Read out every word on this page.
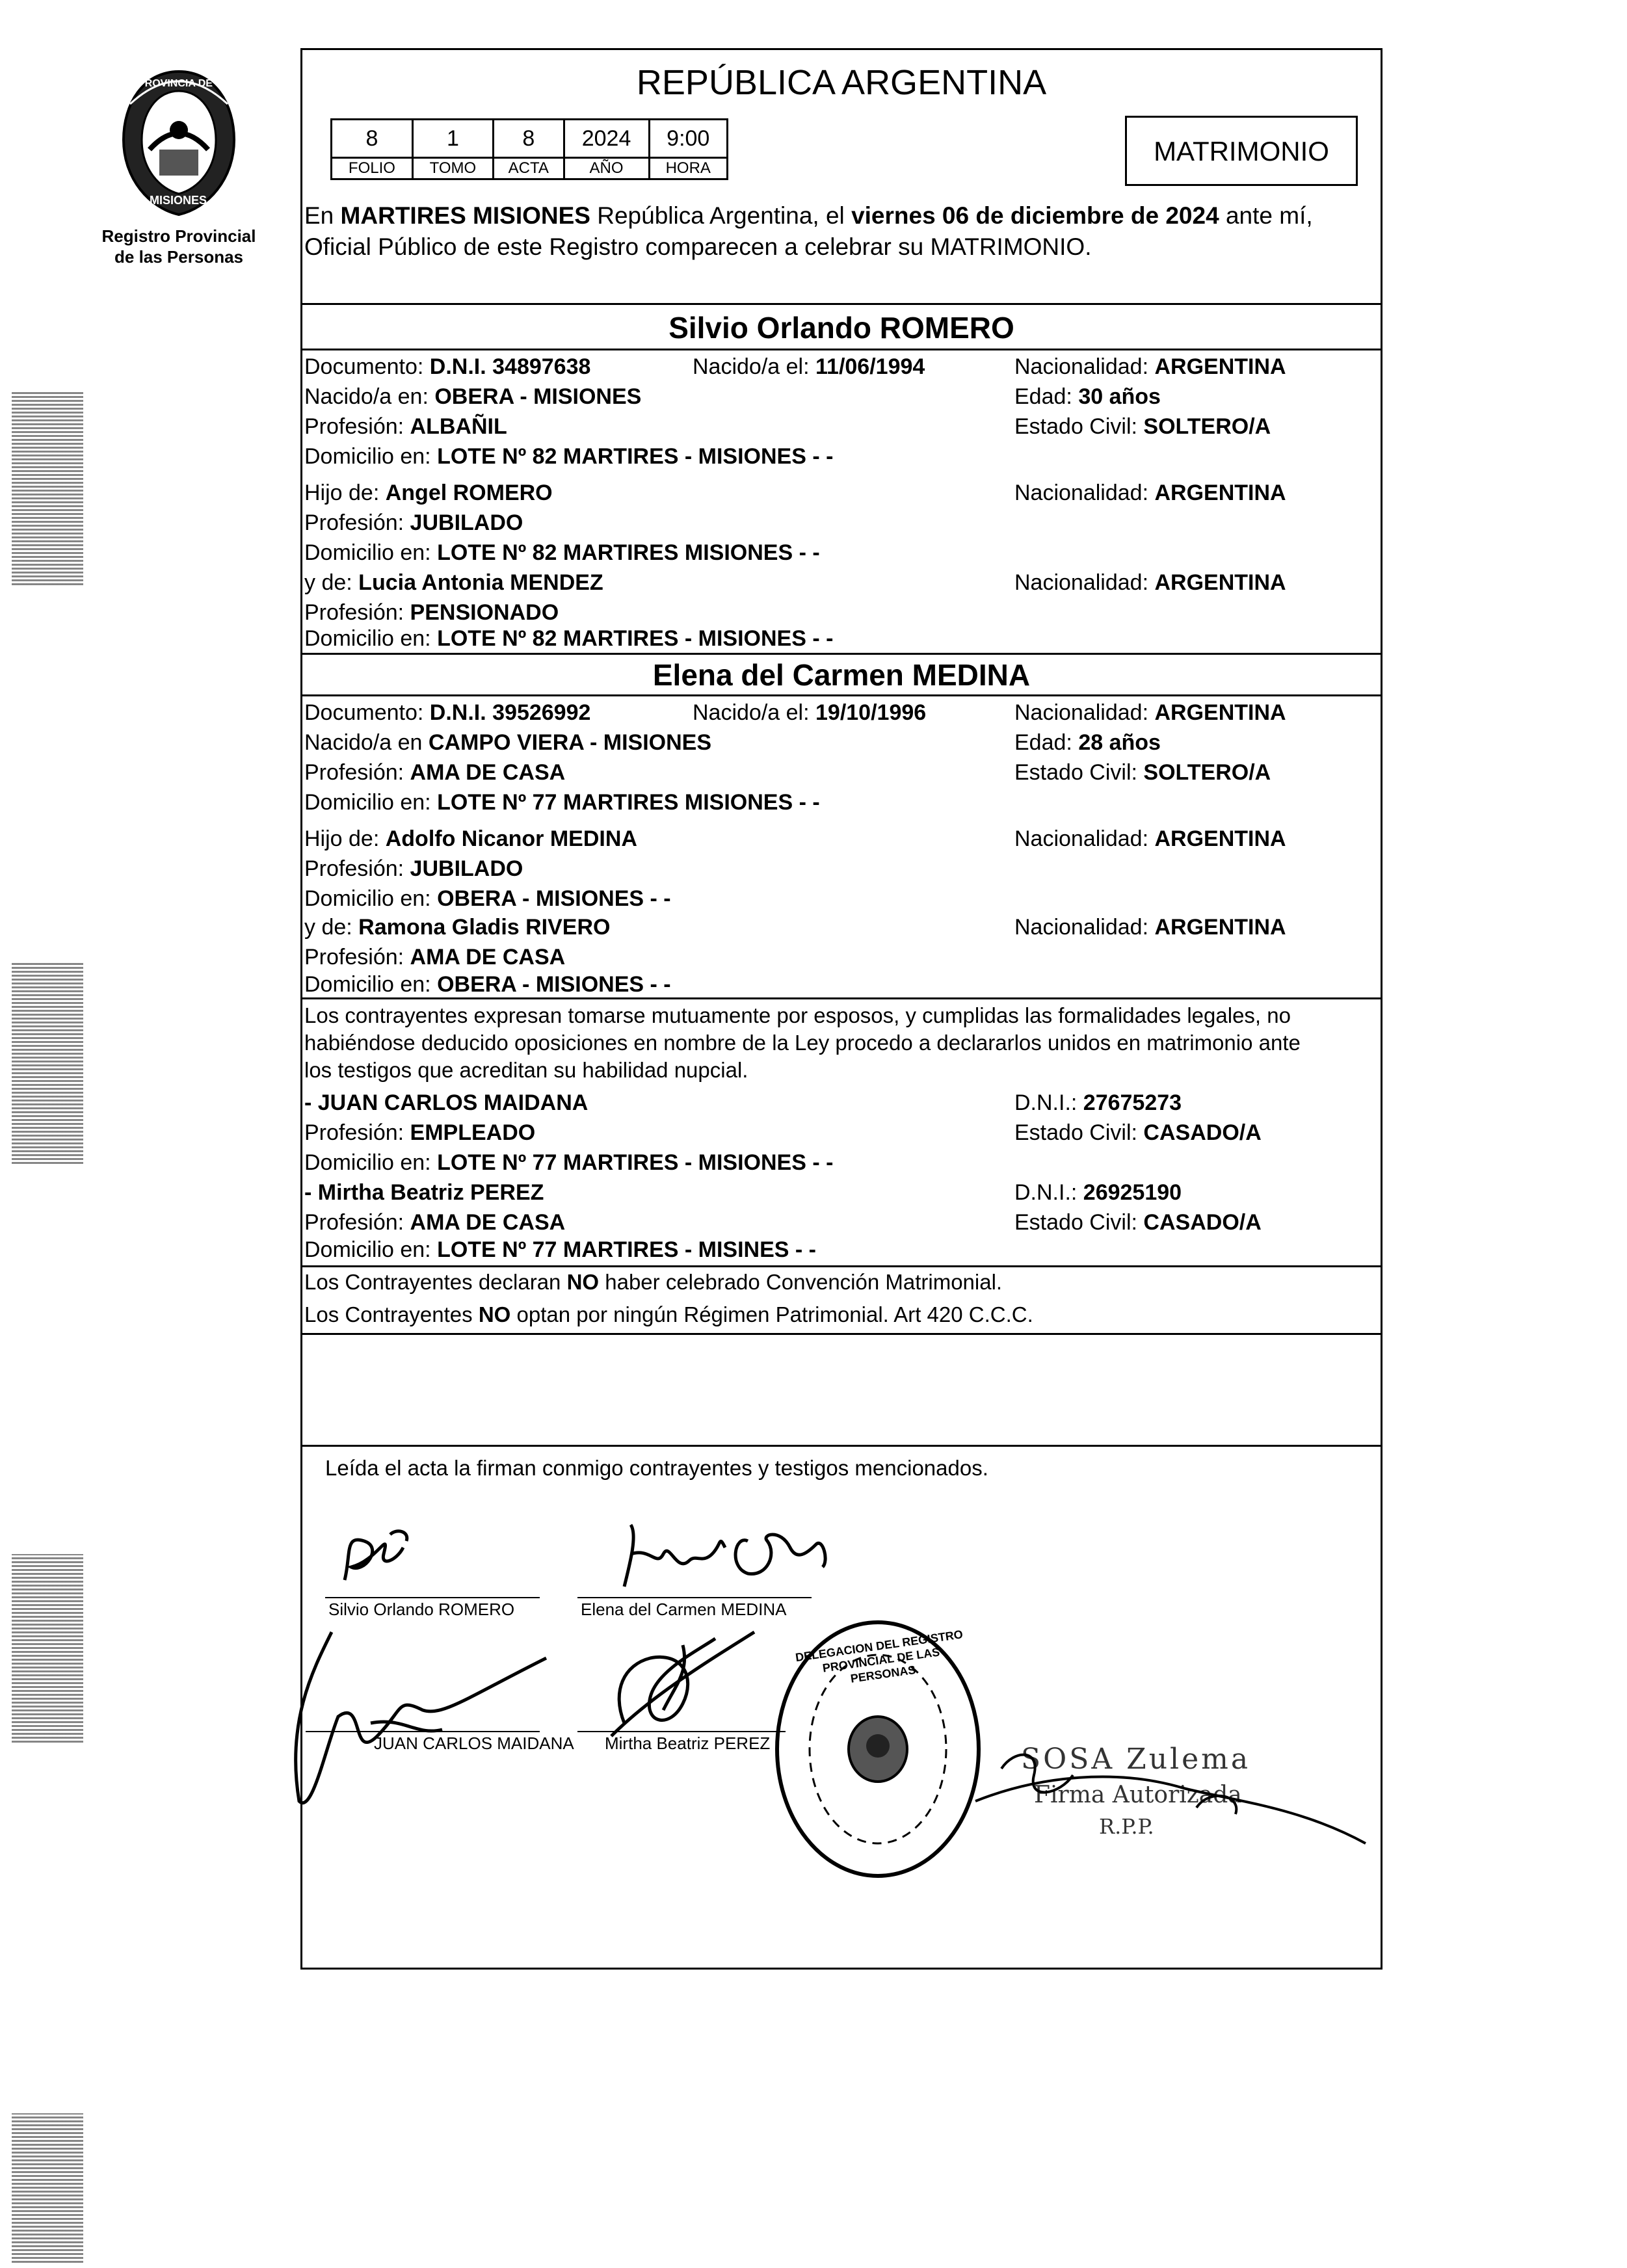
PROVINCIA DE
MISIONES
Registro Provincial
de las Personas
REPÚBLICA ARGENTINA
8	1	8	2024	9:00
FOLIO	TOMO	ACTA	AÑO	HORA
MATRIMONIO
En MARTIRES MISIONES República Argentina, el viernes 06 de diciembre de 2024 ante mí,
Oficial Público de este Registro comparecen a celebrar su MATRIMONIO.
Silvio Orlando ROMERO
Documento: D.N.I. 34897638	Nacido/a el: 11/06/1994	Nacionalidad: ARGENTINA
Nacido/a en: OBERA - MISIONES	Edad: 30 años
Profesión: ALBAÑIL	Estado Civil: SOLTERO/A
Domicilio en: LOTE Nº 82 MARTIRES - MISIONES - -
Hijo de: Angel ROMERO	Nacionalidad: ARGENTINA
Profesión: JUBILADO
Domicilio en: LOTE Nº 82 MARTIRES MISIONES - -
y de: Lucia Antonia MENDEZ	Nacionalidad: ARGENTINA
Profesión: PENSIONADO
Domicilio en: LOTE Nº 82 MARTIRES - MISIONES - -
Elena del Carmen MEDINA
Documento: D.N.I. 39526992	Nacido/a el: 19/10/1996	Nacionalidad: ARGENTINA
Nacido/a en CAMPO VIERA - MISIONES	Edad: 28 años
Profesión: AMA DE CASA	Estado Civil: SOLTERO/A
Domicilio en: LOTE Nº 77 MARTIRES MISIONES - -
Hijo de: Adolfo Nicanor MEDINA	Nacionalidad: ARGENTINA
Profesión: JUBILADO
Domicilio en: OBERA - MISIONES - -
y de: Ramona Gladis RIVERO	Nacionalidad: ARGENTINA
Profesión: AMA DE CASA
Domicilio en: OBERA - MISIONES - -
Los contrayentes expresan tomarse mutuamente por esposos, y cumplidas las formalidades legales, no
habiéndose deducido oposiciones en nombre de la Ley procedo a declararlos unidos en matrimonio ante
los testigos que acreditan su habilidad nupcial.
- JUAN CARLOS MAIDANA	D.N.I.: 27675273
Profesión: EMPLEADO	Estado Civil: CASADO/A
Domicilio en: LOTE Nº 77 MARTIRES - MISIONES - -
- Mirtha Beatriz PEREZ	D.N.I.: 26925190
Profesión: AMA DE CASA	Estado Civil: CASADO/A
Domicilio en: LOTE Nº 77 MARTIRES - MISINES - -
Los Contrayentes declaran NO haber celebrado Convención Matrimonial.
Los Contrayentes NO optan por ningún Régimen Patrimonial. Art 420 C.C.C.
Leída el acta la firman conmigo contrayentes y testigos mencionados.
Silvio Orlando ROMERO	Elena del Carmen MEDINA
JUAN CARLOS MAIDANA Mirtha Beatriz PEREZ
DELEGACION DEL REGISTRO PROVINCIAL DE LAS PERSONAS
SOSA Zulema
Firma Autorizada
R.P.P.
